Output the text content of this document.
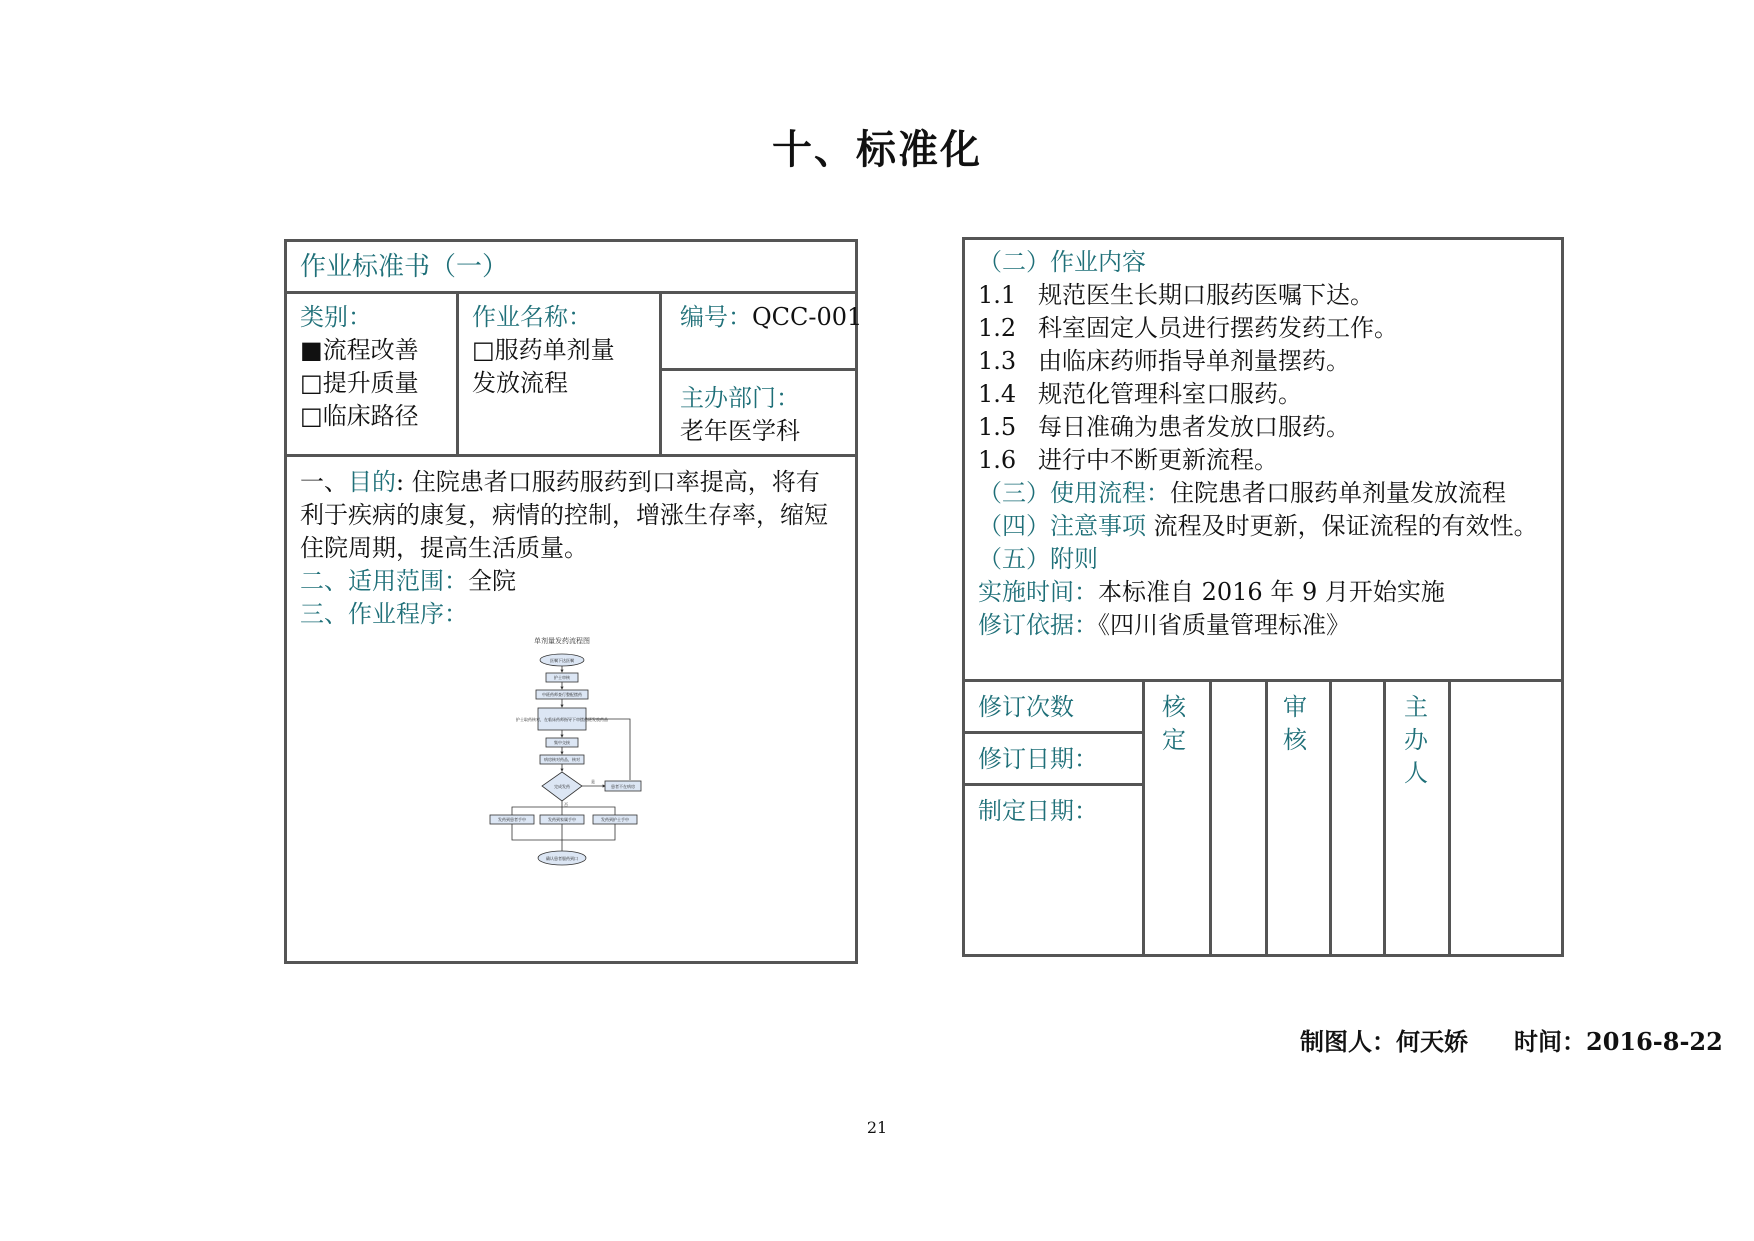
十、标准化
作业标准书（一）
类别：
■流程改善
□提升质量
□临床路径
作业名称：
□服药单剂量
发放流程
编号：QCC-001
主办部门：
老年医学科
一、目的: 住院患者口服药服药到口率提高，将有
利于疾病的康复，病情的控制，增涨生存率，缩短
住院周期，提高生活质量。
二、适用范围：全院
三、作业程序：
单剂量发药流程图
医嘱下达医嘱
护士审核
中班药师查行整配摆药
护士取药核对，在临床药师指导下审摆药班发放药品
集中交接
病房核对药品，核对
完成发药	患者不在病房
发药到患者手中	发药到家属手中	发药到护士手中
确认患者服药到口
是
否
（二）作业内容
1.1 规范医生长期口服药医嘱下达。
1.2 科室固定人员进行摆药发药工作。
1.3 由临床药师指导单剂量摆药。
1.4 规范化管理科室口服药。
1.5 每日准确为患者发放口服药。
1.6 进行中不断更新流程。
（三）使用流程：住院患者口服药单剂量发放流程
（四）注意事项 流程及时更新，保证流程的有效性。
（五）附则
实施时间：本标准自 2016 年 9 月开始实施
修订依据：《四川省质量管理标准》
修订次数
修订日期：
制定日期：
核定
审核
主办人
制图人：何天娇 时间：2016-8-22
21
